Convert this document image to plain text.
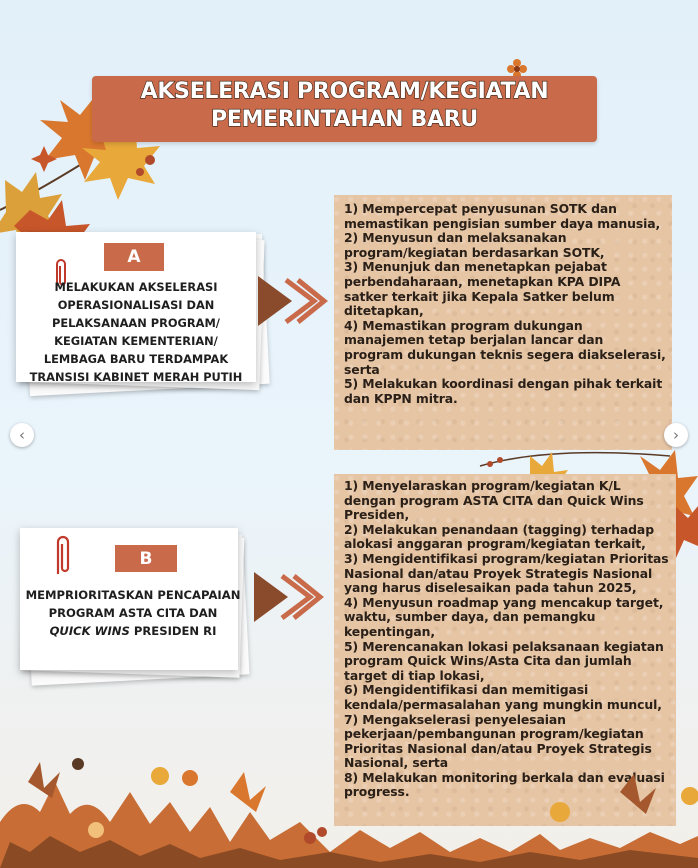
AKSELERASI PROGRAM/KEGIATAN
PEMERINTAHAN BARU
A
MELAKUKAN AKSELERASI
OPERASIONALISASI DAN
PELAKSANAAN PROGRAM/
KEGIATAN KEMENTERIAN/
LEMBAGA BARU TERDAMPAK
TRANSISI KABINET MERAH PUTIH
1) Mempercepat penyusunan SOTK dan memastikan pengisian sumber daya manusia,
2) Menyusun dan melaksanakan program/kegiatan berdasarkan SOTK,
3) Menunjuk dan menetapkan pejabat perbendaharaan, menetapkan KPA DIPA satker terkait jika Kepala Satker belum ditetapkan,
4) Memastikan program dukungan manajemen tetap berjalan lancar dan program dukungan teknis segera diakselerasi, serta
5) Melakukan koordinasi dengan pihak terkait dan KPPN mitra.
‹	›
B
MEMPRIORITASKAN PENCAPAIAN
PROGRAM ASTA CITA DAN
QUICK WINS PRESIDEN RI
1) Menyelaraskan program/kegiatan K/L dengan program ASTA CITA dan Quick Wins Presiden,
2) Melakukan penandaan (tagging) terhadap alokasi anggaran program/kegiatan terkait,
3) Mengidentifikasi program/kegiatan Prioritas Nasional dan/atau Proyek Strategis Nasional yang harus diselesaikan pada tahun 2025,
4) Menyusun roadmap yang mencakup target, waktu, sumber daya, dan pemangku kepentingan,
5) Merencanakan lokasi pelaksanaan kegiatan program Quick Wins/Asta Cita dan jumlah target di tiap lokasi,
6) Mengidentifikasi dan memitigasi kendala/permasalahan yang mungkin muncul,
7) Mengakselerasi penyelesaian pekerjaan/pembangunan program/kegiatan Prioritas Nasional dan/atau Proyek Strategis Nasional, serta
8) Melakukan monitoring berkala dan evaluasi progress.
